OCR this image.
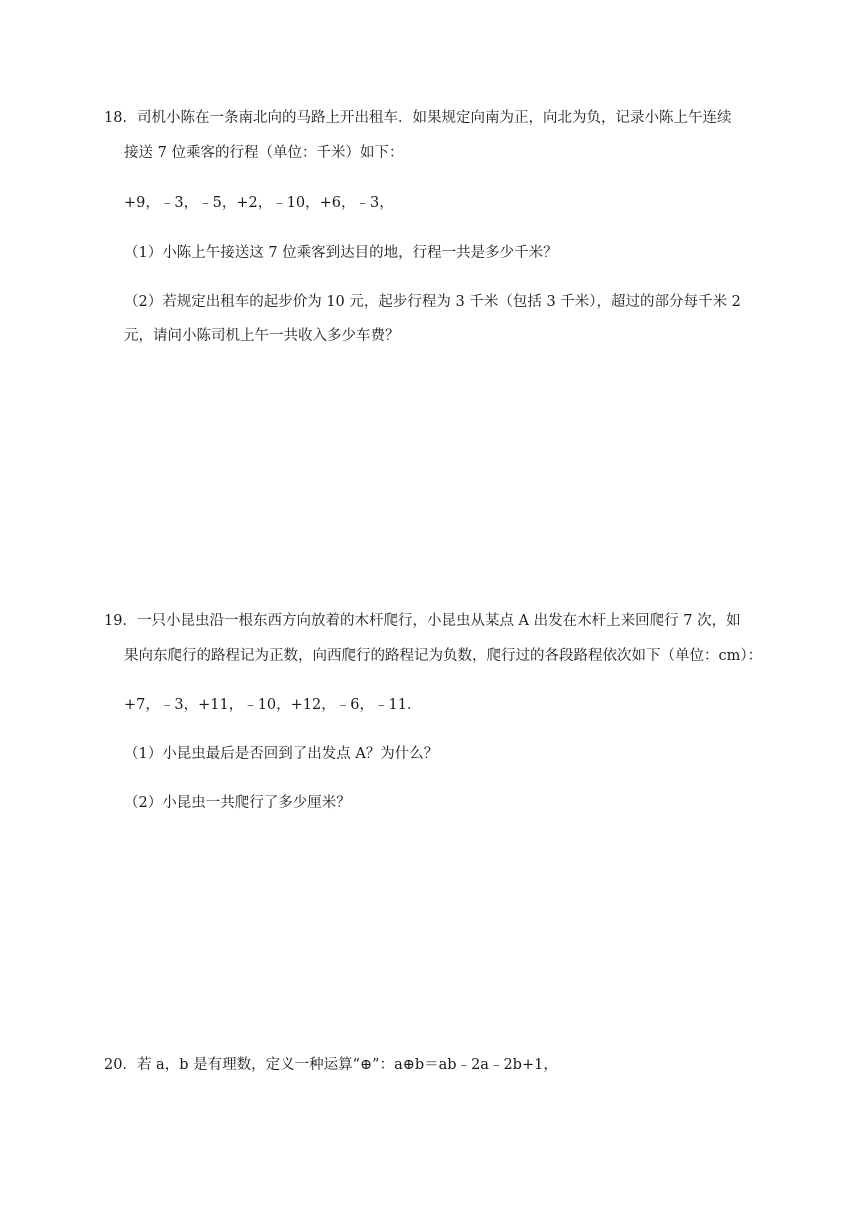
18．司机小陈在一条南北向的马路上开出租车．如果规定向南为正，向北为负，记录小陈上午连续
接送 7 位乘客的行程（单位：千米）如下：
+9，﹣3，﹣5，+2，﹣10，+6，﹣3，
（1）小陈上午接送这 7 位乘客到达目的地，行程一共是多少千米？
（2）若规定出租车的起步价为 10 元，起步行程为 3 千米（包括 3 千米），超过的部分每千米 2
元，请问小陈司机上午一共收入多少车费？
19．一只小昆虫沿一根东西方向放着的木杆爬行，小昆虫从某点 A 出发在木杆上来回爬行 7 次，如
果向东爬行的路程记为正数，向西爬行的路程记为负数，爬行过的各段路程依次如下（单位：cm）：
+7，﹣3，+11，﹣10，+12，﹣6，﹣11．
（1）小昆虫最后是否回到了出发点 A？为什么？
（2）小昆虫一共爬行了多少厘米？
20．若 a，b 是有理数，定义一种运算“⊕”：a⊕b＝ab﹣2a﹣2b+1，
